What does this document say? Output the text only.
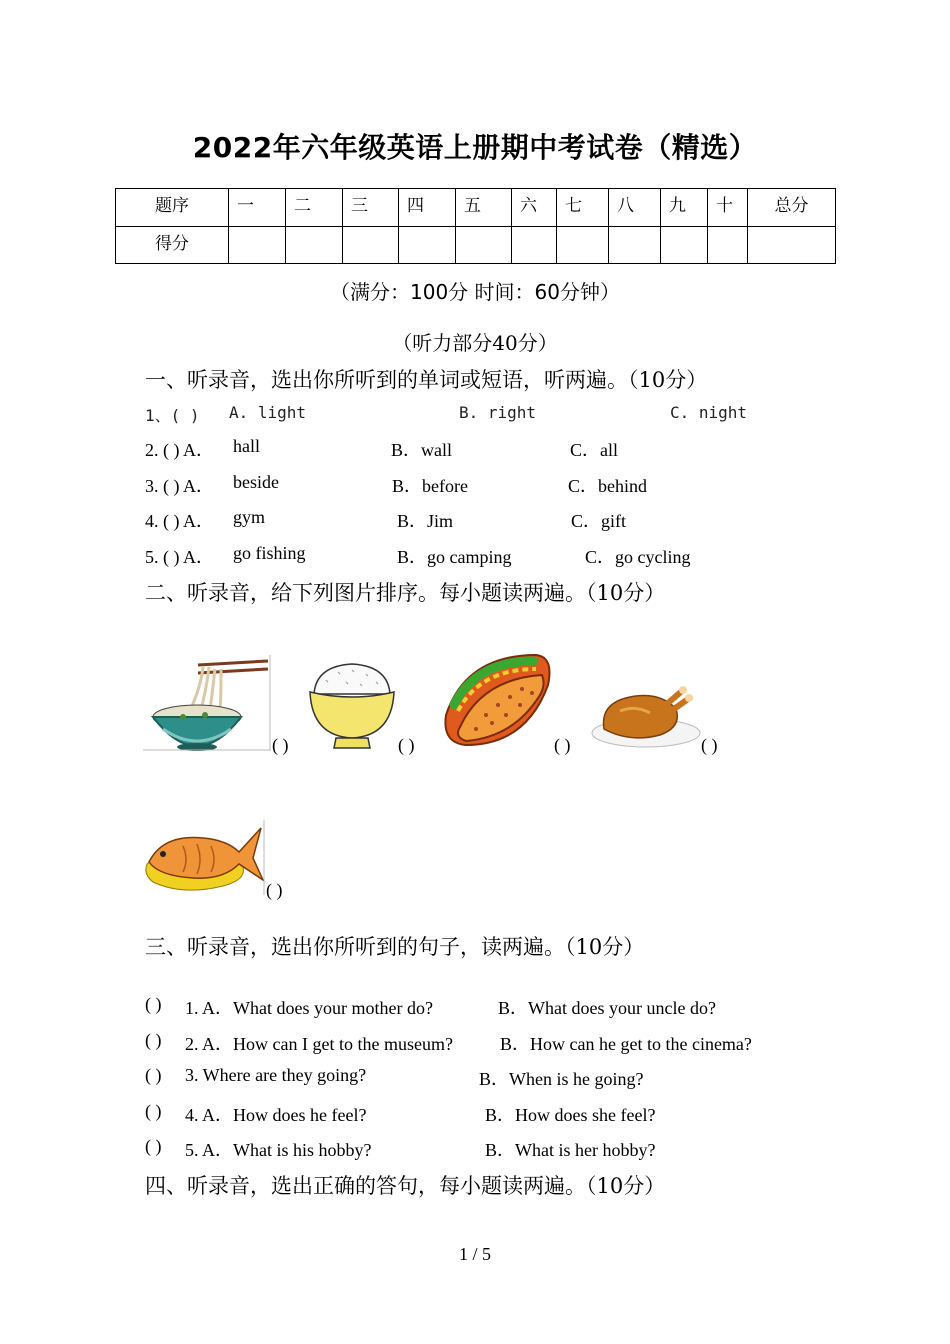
2022年六年级英语上册期中考试卷（精选）
题序	一	二	三	四	五	六	七	八	九	十	总分
得分											
（满分：100分 时间：60分钟）
（听力部分40分）
一、听录音，选出你所听到的单词或短语，听两遍。（10分）
1、( ) A. light	B. right	C. night
2. ( ) A． hall	B．wall	C．all
3. ( ) A． beside	B．before	C．behind
4. ( ) A． gym	B．Jim	C．gift
5. ( ) A． go fishing	B．go camping	C．go cycling
二、听录音，给下列图片排序。每小题读两遍。（10分）
( )	( )	( )	( )
( )
三、听录音，选出你所听到的句子，读两遍。（10分）
( ) 1. A．What does your mother do?	B．What does your uncle do?
( ) 2. A．How can I get to the museum?	B．How can he get to the cinema?
( ) 3. Where are they going?	B．When is he going?
( ) 4. A．How does he feel?	B．How does she feel?
( ) 5. A．What is his hobby?	B．What is her hobby?
四、听录音，选出正确的答句，每小题读两遍。（10分）
1 / 5
